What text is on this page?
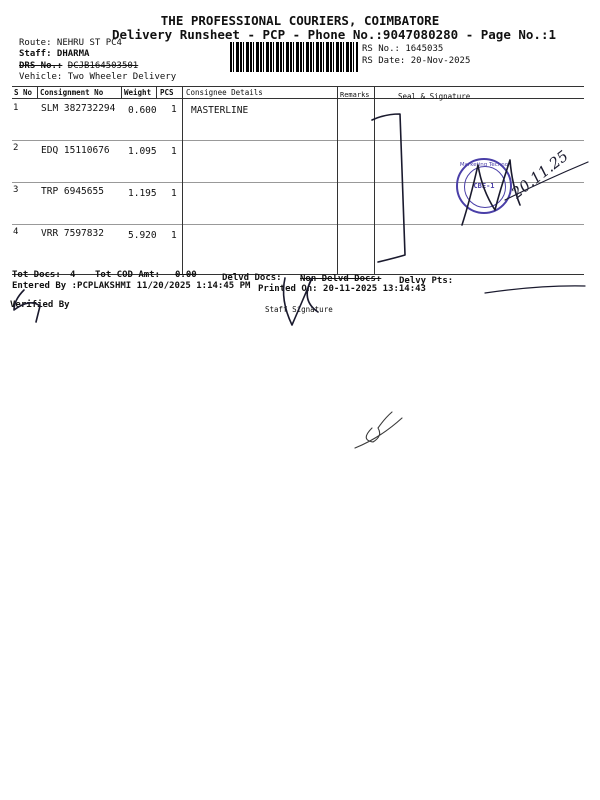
THE PROFESSIONAL COURIERS, COIMBATORE
Delivery Runsheet - PCP - Phone No.:9047080280 - Page No.:1
Route: NEHRU ST PC4
Staff: DHARMA
DRS No.: DCJB164503501
Vehicle: Two Wheeler Delivery
RS No.: 1645035
RS Date: 20-Nov-2025
S No Consignment No	Weight PCS Consignee Details	Remarks	Seal & Signature
1 SLM 382732294 0.600 1 MASTERLINE
2 EDQ 15110676 1.095 1
3 TRP 6945655	1.195 1
4 VRR 7597832	5.920 1
Tot Docs: 4 Tot COD Amt: 0.00	Delvd Docs: Non Delvd Docs: Delvy Pts:
Entered By :PCPLAKSHMI 11/20/2025 1:14:45 PM Printed On: 20-11-2025 13:14:43
Verified By	Staff Signature
Marketing Techno
CBE-1 20.11.25
